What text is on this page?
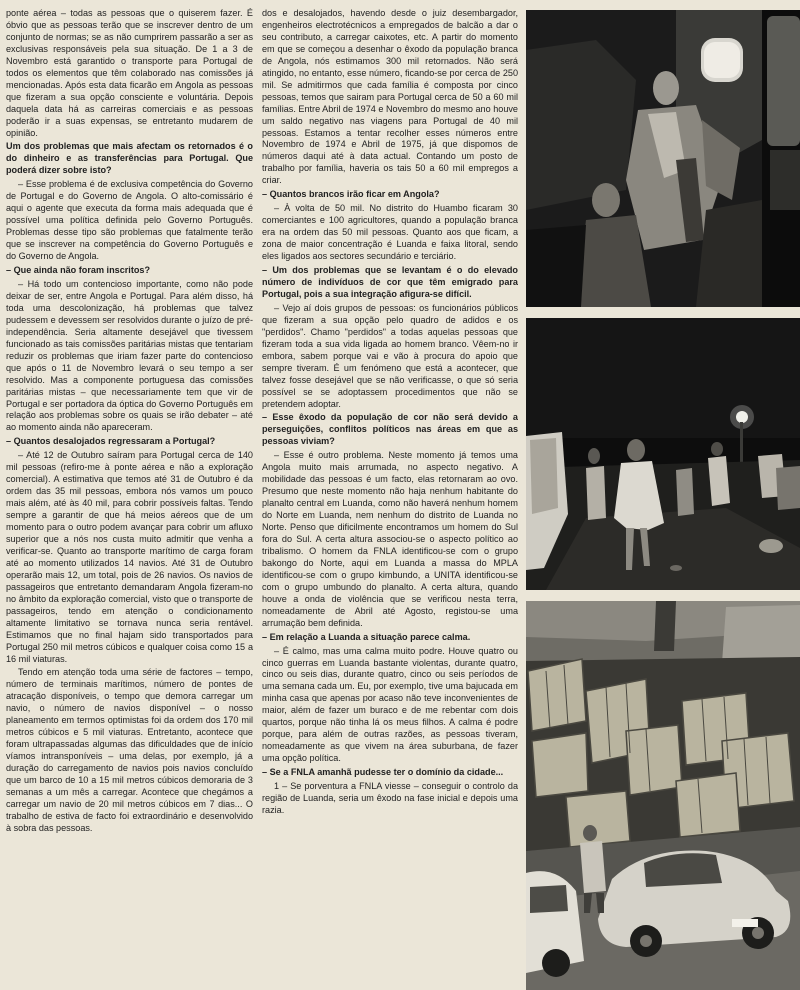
ponte aérea – todas as pessoas que o quiserem fazer. É óbvio que as pessoas terão que se inscrever dentro de um conjunto de normas; se as não cumprirem passarão a ser as exclusivas responsáveis pela sua situação. De 1 a 3 de Novembro está garantido o transporte para Portugal de todos os elementos que têm colaborado nas comissões já mencionadas. Após esta data ficarão em Angola as pessoas que fizeram a sua opção consciente e voluntária. Depois daquela data há as carreiras comerciais e as pessoas poderão ir a suas expensas, se entretanto mudarem de opinião.

Um dos problemas que mais afectam os retornados é o do dinheiro e as transferências para Portugal. Que poderá dizer sobre isto?

– Esse problema é de exclusiva competência do Governo de Portugal e do Governo de Angola. O alto-comissário é aqui o agente que executa da forma mais adequada que é possível uma política definida pelo Governo Português. Problemas desse tipo são problemas que fatalmente terão que se inscrever na competência do Governo Português e do Governo de Angola.

– Que ainda não foram inscritos?

– Há todo um contencioso importante, como não pode deixar de ser, entre Angola e Portugal. Para além disso, há toda uma descolonização, há problemas que talvez pudessem e devessem ser resolvidos durante o juízo de pré-independência. Seria altamente desejável que tivessem funcionado as tais comissões paritárias mistas que tentariam reduzir os problemas que iriam fazer parte do contencioso que após o 11 de Novembro levará o seu tempo a ser resolvido. Mas a componente portuguesa das comissões paritárias mistas – que necessariamente tem que vir de Portugal e ser portadora da óptica do Governo Português em relação aos problemas sobre os quais se irão debater – até ao momento ainda não apareceram.

– Quantos desalojados regressaram a Portugal?

– Até 12 de Outubro saíram para Portugal cerca de 140 mil pessoas (refiro-me à ponte aérea e não a exploração comercial). A estimativa que temos até 31 de Outubro é da ordem das 35 mil pessoas, embora nós vamos um pouco mais além, até às 40 mil, para cobrir possíveis faltas. Tendo sempre a garantir de que há meios aéreos que de um momento para o outro podem avançar para cobrir um afluxo superior que a nós nos custa muito admitir que venha a verificar-se. Quanto ao transporte marítimo de carga foram até ao momento utilizados 14 navios. Até 31 de Outubro operarão mais 12, um total, pois de 26 navios. Os navios de passageiros que entretanto demandaram Angola fizeram-no no âmbito da exploração comercial, visto que o transporte de passageiros, tendo em atenção o condicionamento altamente limitativo se tornava nunca seria rentável. Estimamos que no final hajam sido transportados para Portugal 250 mil metros cúbicos e qualquer coisa como 15 a 16 mil viaturas.

Tendo em atenção toda uma série de factores – tempo, número de terminais marítimos, número de pontes de atracação disponíveis, o tempo que demora carregar um navio, o número de navios disponível – o nosso planeamento em termos optimistas foi da ordem dos 170 mil metros cúbicos e 5 mil viaturas. Entretanto, acontece que foram ultrapassadas algumas das dificuldades que de início víamos intransponíveis – uma delas, por exemplo, já a duração do carregamento de navios pois navios concluído que um barco de 10 a 15 mil metros cúbicos demoraria de 3 semanas a um mês a carregar. Acontece que chegámos a carregar um navio de 20 mil metros cúbicos em 7 dias... O trabalho de estiva de facto foi extraordinário e desenvolvido à sobra das pessoas.

dos e desalojados, havendo desde o juiz desembargador, engenheiros electrotécnicos a empregados de balcão a dar o seu contributo, a carregar caixotes, etc. A partir do momento em que se começou a desenhar o êxodo da população branca de Angola, nós estimamos 300 mil retornados. Não será atingido, no entanto, esse número, ficando-se por cerca de 250 mil. Se admitirmos que cada família é composta por cinco pessoas, temos que sairam para Portugal cerca de 50 a 60 mil famílias. Entre Abril de 1974 e Novembro do mesmo ano houve um saldo negativo nas viagens para Portugal de 40 mil pessoas. Estamos a tentar recolher esses números entre Novembro de 1974 e Abril de 1975, já que dispomos de números daqui até à data actual. Contando um posto de trabalho por família, haveria os tais 50 a 60 mil empregos a criar.

– Quantos brancos irão ficar em Angola?

– À volta de 50 mil. No distrito do Huambo ficaram 30 comerciantes e 100 agricultores, quando a população branca era na ordem das 50 mil pessoas. Quanto aos que ficam, a zona de maior concentração é Luanda e faixa litoral, sendo eles ligados aos sectores secundário e terciário.

– Um dos problemas que se levantam é o do elevado número de indivíduos de cor que têm emigrado para Portugal, pois a sua integração afigura-se difícil.

– Vejo aí dois grupos de pessoas: os funcionários públicos que fizeram a sua opção pelo quadro de adidos e os "perdidos". Chamo "perdidos" a todas aquelas pessoas que fizeram toda a sua vida ligada ao homem branco. Vêem-no ir embora, sabem porque vai e vão à procura do apoio que sempre tiveram. É um fenómeno que está a acontecer, que talvez fosse desejável que se não verificasse, o que só seria possível se se adoptassem procedimentos que não se pretendem adoptar.

– Esse êxodo da população de cor não será devido a perseguições, conflitos políticos nas áreas em que as pessoas viviam?

– Esse é outro problema. Neste momento já temos uma Angola muito mais arrumada, no aspecto negativo. A mobilidade das pessoas é um facto, elas retornaram ao ovo. Presumo que neste momento não haja nenhum habitante do planalto central em Luanda, como não haverá nenhum homem do Norte em Luanda, nem nenhum do distrito de Luanda no Norte. Penso que dificilmente encontramos um homem do Sul fora do Sul. A certa altura associou-se o aspecto político ao tribalismo. O homem da FNLA identificou-se com o grupo bakongo do Norte, aqui em Luanda a massa do MPLA identificou-se com o grupo kimbundo, a UNITA identificou-se com o grupo umbundo do planalto. A certa altura, quando houve a onda de violência que se verificou nesta terra, nomeadamente de Abril até Agosto, registou-se uma arrumação bem definida.

– Em relação a Luanda a situação parece calma.

– É calmo, mas uma calma muito podre. Houve quatro ou cinco guerras em Luanda bastante violentas, durante quatro, cinco ou seis dias, durante quatro, cinco ou seis períodos de uma semana cada um. Eu, por exemplo, tive uma bajucada em minha casa que apenas por acaso não teve inconvenientes de maior, além de fazer um buraco e de me rebentar com dois quartos, porque não tinha lá os meus filhos. A calma é podre porque, para além de outras razões, as pessoas tiveram, nomeadamente as que vivem na área suburbana, de fazer uma opção política.

– Se a FNLA amanhã pudesse ter o domínio da cidade...

1 – Se porventura a FNLA viesse – conseguir o controlo da região de Luanda, seria um êxodo na fase inicial e depois uma razia.
